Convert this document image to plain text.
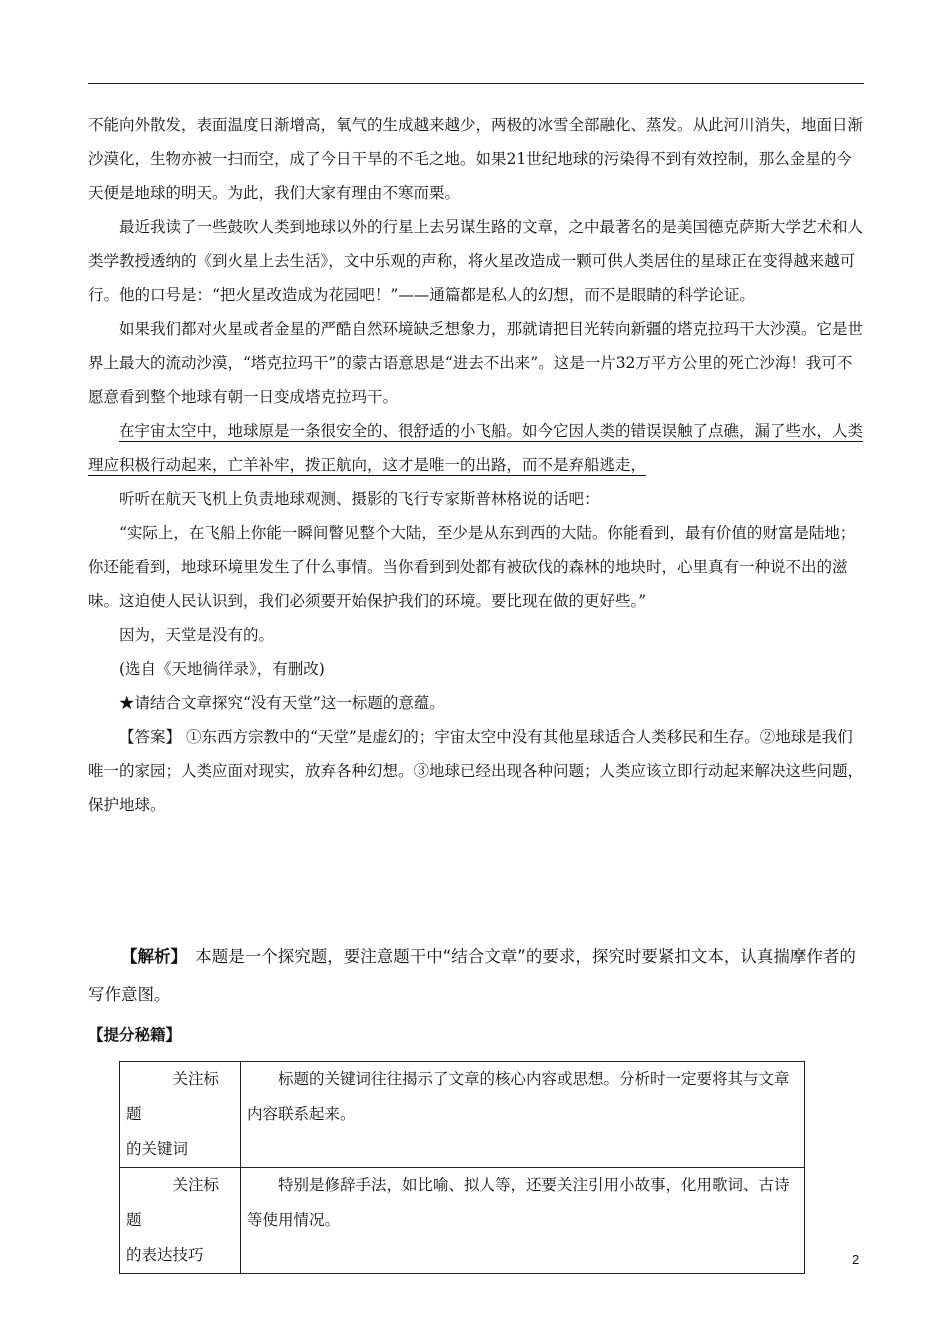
不能向外散发，表面温度日渐增高，氧气的生成越来越少，两极的冰雪全部融化、蒸发。从此河川消失，地面日渐沙漠化，生物亦被一扫而空，成了今日干旱的不毛之地。如果21世纪地球的污染得不到有效控制，那么金星的今天便是地球的明天。为此，我们大家有理由不寒而栗。

最近我读了一些鼓吹人类到地球以外的行星上去另谋生路的文章，之中最著名的是美国德克萨斯大学艺术和人类学教授透纳的《到火星上去生活》，文中乐观的声称，将火星改造成一颗可供人类居住的星球正在变得越来越可行。他的口号是：“把火星改造成为花园吧！”——通篇都是私人的幻想，而不是眼睛的科学论证。

如果我们都对火星或者金星的严酷自然环境缺乏想象力，那就请把目光转向新疆的塔克拉玛干大沙漠。它是世界上最大的流动沙漠，“塔克拉玛干”的蒙古语意思是“进去不出来”。这是一片32万平方公里的死亡沙海！我可不愿意看到整个地球有朝一日变成塔克拉玛干。

在宇宙太空中，地球原是一条很安全的、很舒适的小飞船。如今它因人类的错误误触了点礁，漏了些水，人类理应积极行动起来，亡羊补牢，拨正航向，这才是唯一的出路，而不是弃船逃走，

听听在航天飞机上负责地球观测、摄影的飞行专家斯普林格说的话吧：

“实际上，在飞船上你能一瞬间瞥见整个大陆，至少是从东到西的大陆。你能看到，最有价值的财富是陆地；你还能看到，地球环境里发生了什么事情。当你看到到处都有被砍伐的森林的地块时，心里真有一种说不出的滋味。这迫使人民认识到，我们必须要开始保护我们的环境。要比现在做的更好些。”

因为，天堂是没有的。

(选自《天地徜徉录》，有删改)

★请结合文章探究“没有天堂”这一标题的意蕴。

【答案】 ①东西方宗教中的“天堂”是虚幻的；宇宙太空中没有其他星球适合人类移民和生存。②地球是我们唯一的家园；人类应面对现实，放弃各种幻想。③地球已经出现各种问题；人类应该立即行动起来解决这些问题，保护地球。

【解析】　本题是一个探究题，要注意题干中“结合文章”的要求，探究时要紧扣文本，认真揣摩作者的写作意图。

【提分秘籍】
关注标题
的关键词	标题的关键词往往揭示了文章的核心内容或思想。分析时一定要将其与文章内容联系起来。

关注标题
的表达技巧	特别是修辞手法，如比喻、拟人等，还要关注引用小故事，化用歌词、古诗等使用情况。
2
